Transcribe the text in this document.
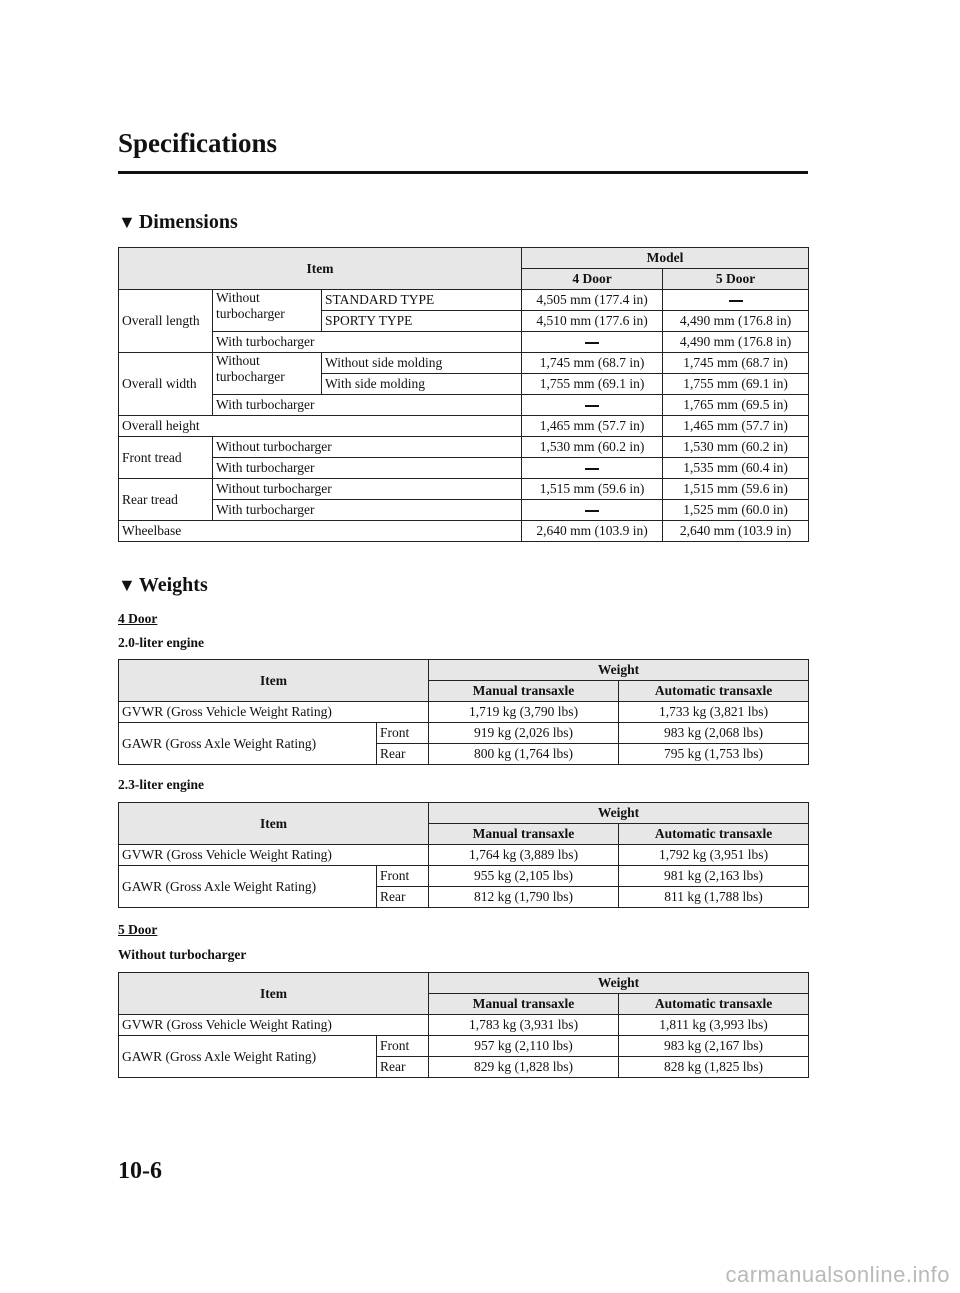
Specifications
▼ Dimensions
Item			Model	
			4 Door	5 Door
Overall length	Without turbocharger	STANDARD TYPE	4,505 mm (177.4 in)	
		SPORTY TYPE	4,510 mm (177.6 in)	4,490 mm (176.8 in)
	With turbocharger			4,490 mm (176.8 in)
Overall width	Without turbocharger	Without side molding	1,745 mm (68.7 in)	1,745 mm (68.7 in)
		With side molding	1,755 mm (69.1 in)	1,755 mm (69.1 in)
	With turbocharger			1,765 mm (69.5 in)
Overall height			1,465 mm (57.7 in)	1,465 mm (57.7 in)
Front tread	Without turbocharger		1,530 mm (60.2 in)	1,530 mm (60.2 in)
	With turbocharger			1,535 mm (60.4 in)
Rear tread	Without turbocharger		1,515 mm (59.6 in)	1,515 mm (59.6 in)
	With turbocharger			1,525 mm (60.0 in)
Wheelbase			2,640 mm (103.9 in)	2,640 mm (103.9 in)
▼ Weights

4 Door

2.0-liter engine

Item		Weight	
		Manual transaxle	Automatic transaxle
GVWR (Gross Vehicle Weight Rating)		1,719 kg (3,790 lbs)	1,733 kg (3,821 lbs)
GAWR (Gross Axle Weight Rating)	Front	919 kg (2,026 lbs)	983 kg (2,068 lbs)
	Rear	800 kg (1,764 lbs)	795 kg (1,753 lbs)

2.3-liter engine

Item		Weight	
		Manual transaxle	Automatic transaxle
GVWR (Gross Vehicle Weight Rating)		1,764 kg (3,889 lbs)	1,792 kg (3,951 lbs)
GAWR (Gross Axle Weight Rating)	Front	955 kg (2,105 lbs)	981 kg (2,163 lbs)
	Rear	812 kg (1,790 lbs)	811 kg (1,788 lbs)

5 Door

Without turbocharger

Item		Weight	
		Manual transaxle	Automatic transaxle
GVWR (Gross Vehicle Weight Rating)		1,783 kg (3,931 lbs)	1,811 kg (3,993 lbs)
GAWR (Gross Axle Weight Rating)	Front	957 kg (2,110 lbs)	983 kg (2,167 lbs)
	Rear	829 kg (1,828 lbs)	828 kg (1,825 lbs)

10-6

carmanualsonline.info
